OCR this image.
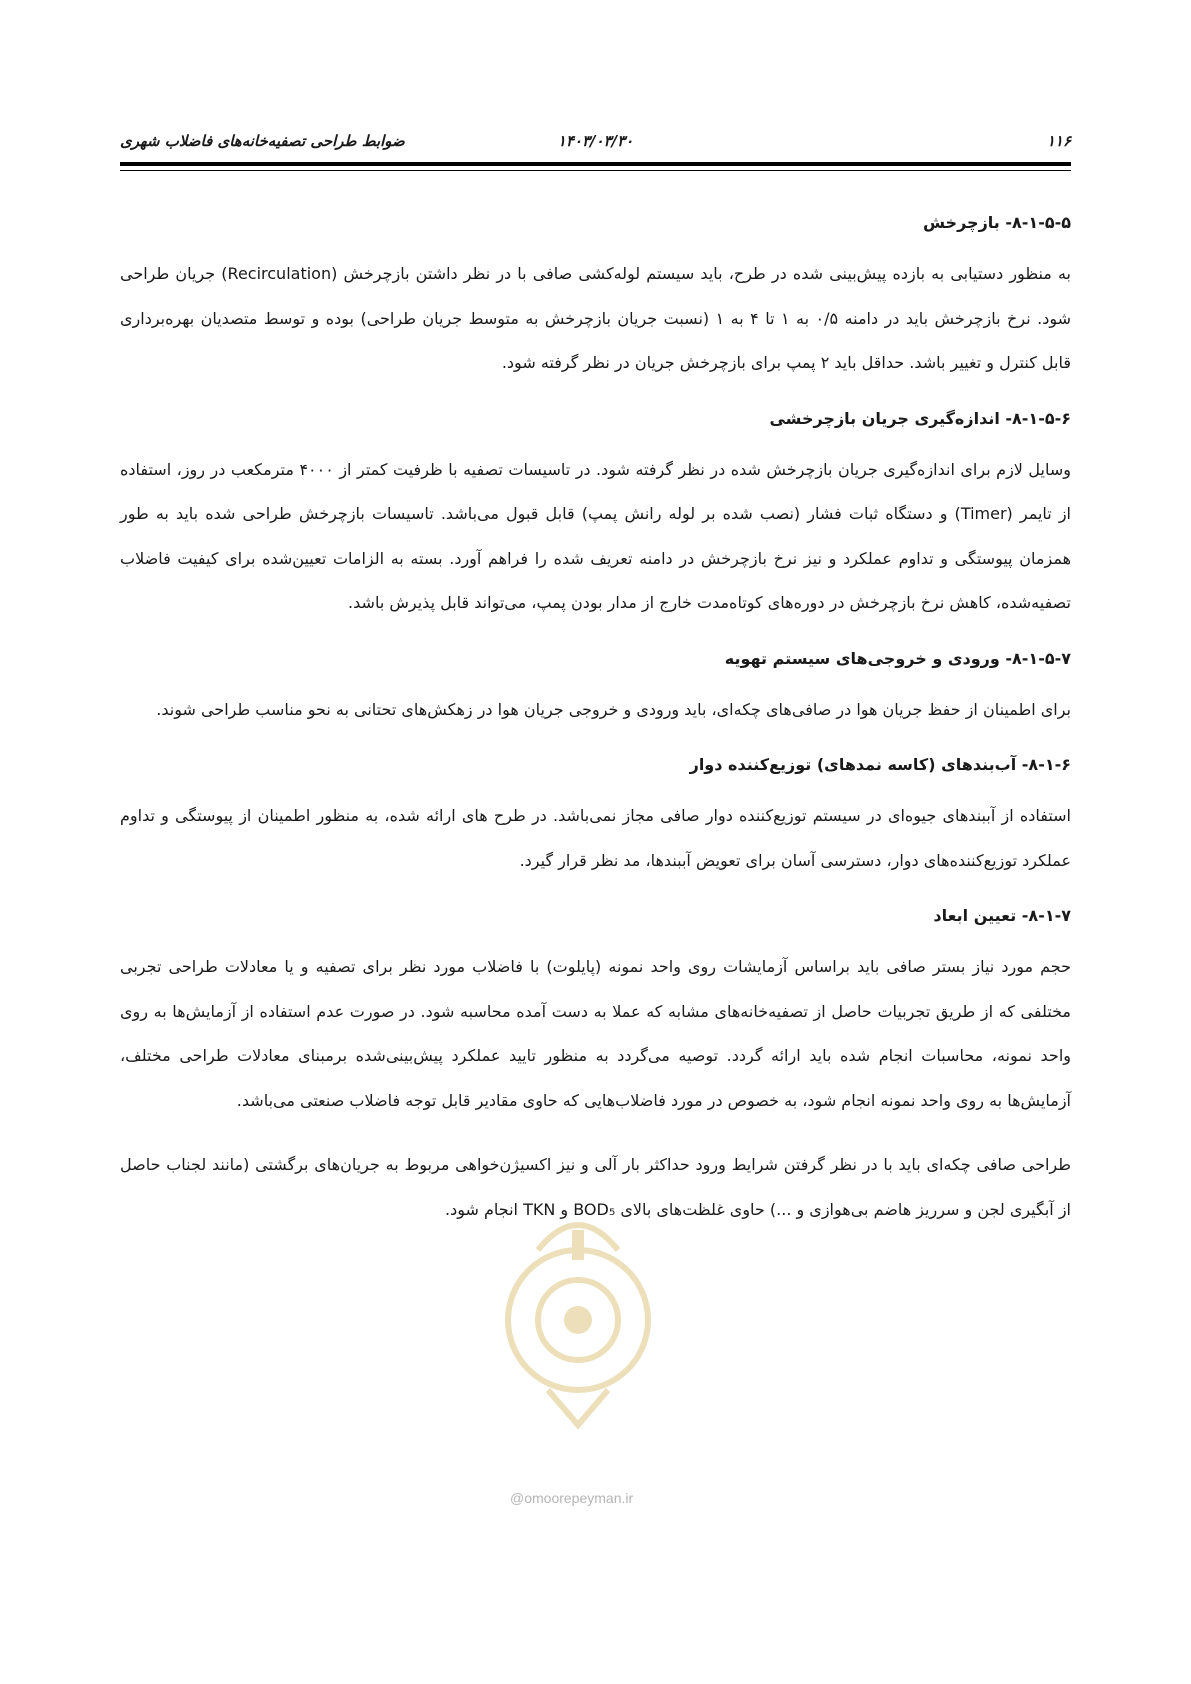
۱۱۶
۱۴۰۳/۰۳/۳۰
ضوابط طراحی تصفیه‌خانه‌های فاضلاب شهری
۸-۱-۵-۵- بازچرخش

به منظور دستیابی به بازده پیش‌بینی شده در طرح، باید سیستم لوله‌کشی صافی با در نظر داشتن بازچرخش (Recirculation) جریان طراحی شود. نرخ بازچرخش باید در دامنه ۰/۵ به ۱ تا ۴ به ۱ (نسبت جریان بازچرخش به متوسط جریان طراحی) بوده و توسط متصدیان بهره‌برداری قابل کنترل و تغییر باشد. حداقل باید ۲ پمپ برای بازچرخش جریان در نظر گرفته شود.

۸-۱-۵-۶- اندازه‌گیری جریان بازچرخشی

وسایل لازم برای اندازه‌گیری جریان بازچرخش شده در نظر گرفته شود. در تاسیسات تصفیه با ظرفیت کمتر از ۴۰۰۰ مترمکعب در روز، استفاده از تایمر (Timer) و دستگاه ثبات فشار (نصب شده بر لوله رانش پمپ) قابل قبول می‌باشد. تاسیسات بازچرخش طراحی شده باید به طور همزمان پیوستگی و تداوم عملکرد و نیز نرخ بازچرخش در دامنه تعریف شده را فراهم آورد. بسته به الزامات تعیین‌شده برای کیفیت فاضلاب تصفیه‌شده، کاهش نرخ بازچرخش در دوره‌های کوتاه‌مدت خارج از مدار بودن پمپ، می‌تواند قابل پذیرش باشد.

۸-۱-۵-۷- ورودی و خروجی‌های سیستم تهویه

برای اطمینان از حفظ جریان هوا در صافی‌های چکه‌ای، باید ورودی و خروجی جریان هوا در زهکش‌های تحتانی به نحو مناسب طراحی شوند.

۸-۱-۶- آب‌بندهای (کاسه نمدهای) توزیع‌کننده دوار

استفاده از آببندهای جیوه‌ای در سیستم توزیع‌کننده دوار صافی مجاز نمی‌باشد. در طرح های ارائه شده، به منظور اطمینان از پیوستگی و تداوم عملکرد توزیع‌کننده‌های دوار، دسترسی آسان برای تعویض آببندها، مد نظر قرار گیرد.

۸-۱-۷- تعیین ابعاد

حجم مورد نیاز بستر صافی باید براساس آزمایشات روی واحد نمونه (پایلوت) با فاضلاب مورد نظر برای تصفیه و یا معادلات طراحی تجربی مختلفی که از طریق تجربیات حاصل از تصفیه‌خانه‌های مشابه که عملا به دست آمده محاسبه شود. در صورت عدم استفاده از آزمایش‌ها به روی واحد نمونه، محاسبات انجام شده باید ارائه گردد. توصیه می‌گردد به منظور تایید عملکرد پیش‌بینی‌شده برمبنای معادلات طراحی مختلف، آزمایش‌ها به روی واحد نمونه انجام شود، به خصوص در مورد فاضلاب‌هایی که حاوی مقادیر قابل توجه فاضلاب صنعتی می‌باشد.

طراحی صافی چکه‌ای باید با در نظر گرفتن شرایط ورود حداکثر بار آلی و نیز اکسیژن‌خواهی مربوط به جریان‌های برگشتی (مانند لجناب حاصل از آبگیری لجن و سرریز هاضم بی‌هوازی و ...) حاوی غلظت‌های بالای BOD₅ و TKN انجام شود.

@omoorepeyman.ir
